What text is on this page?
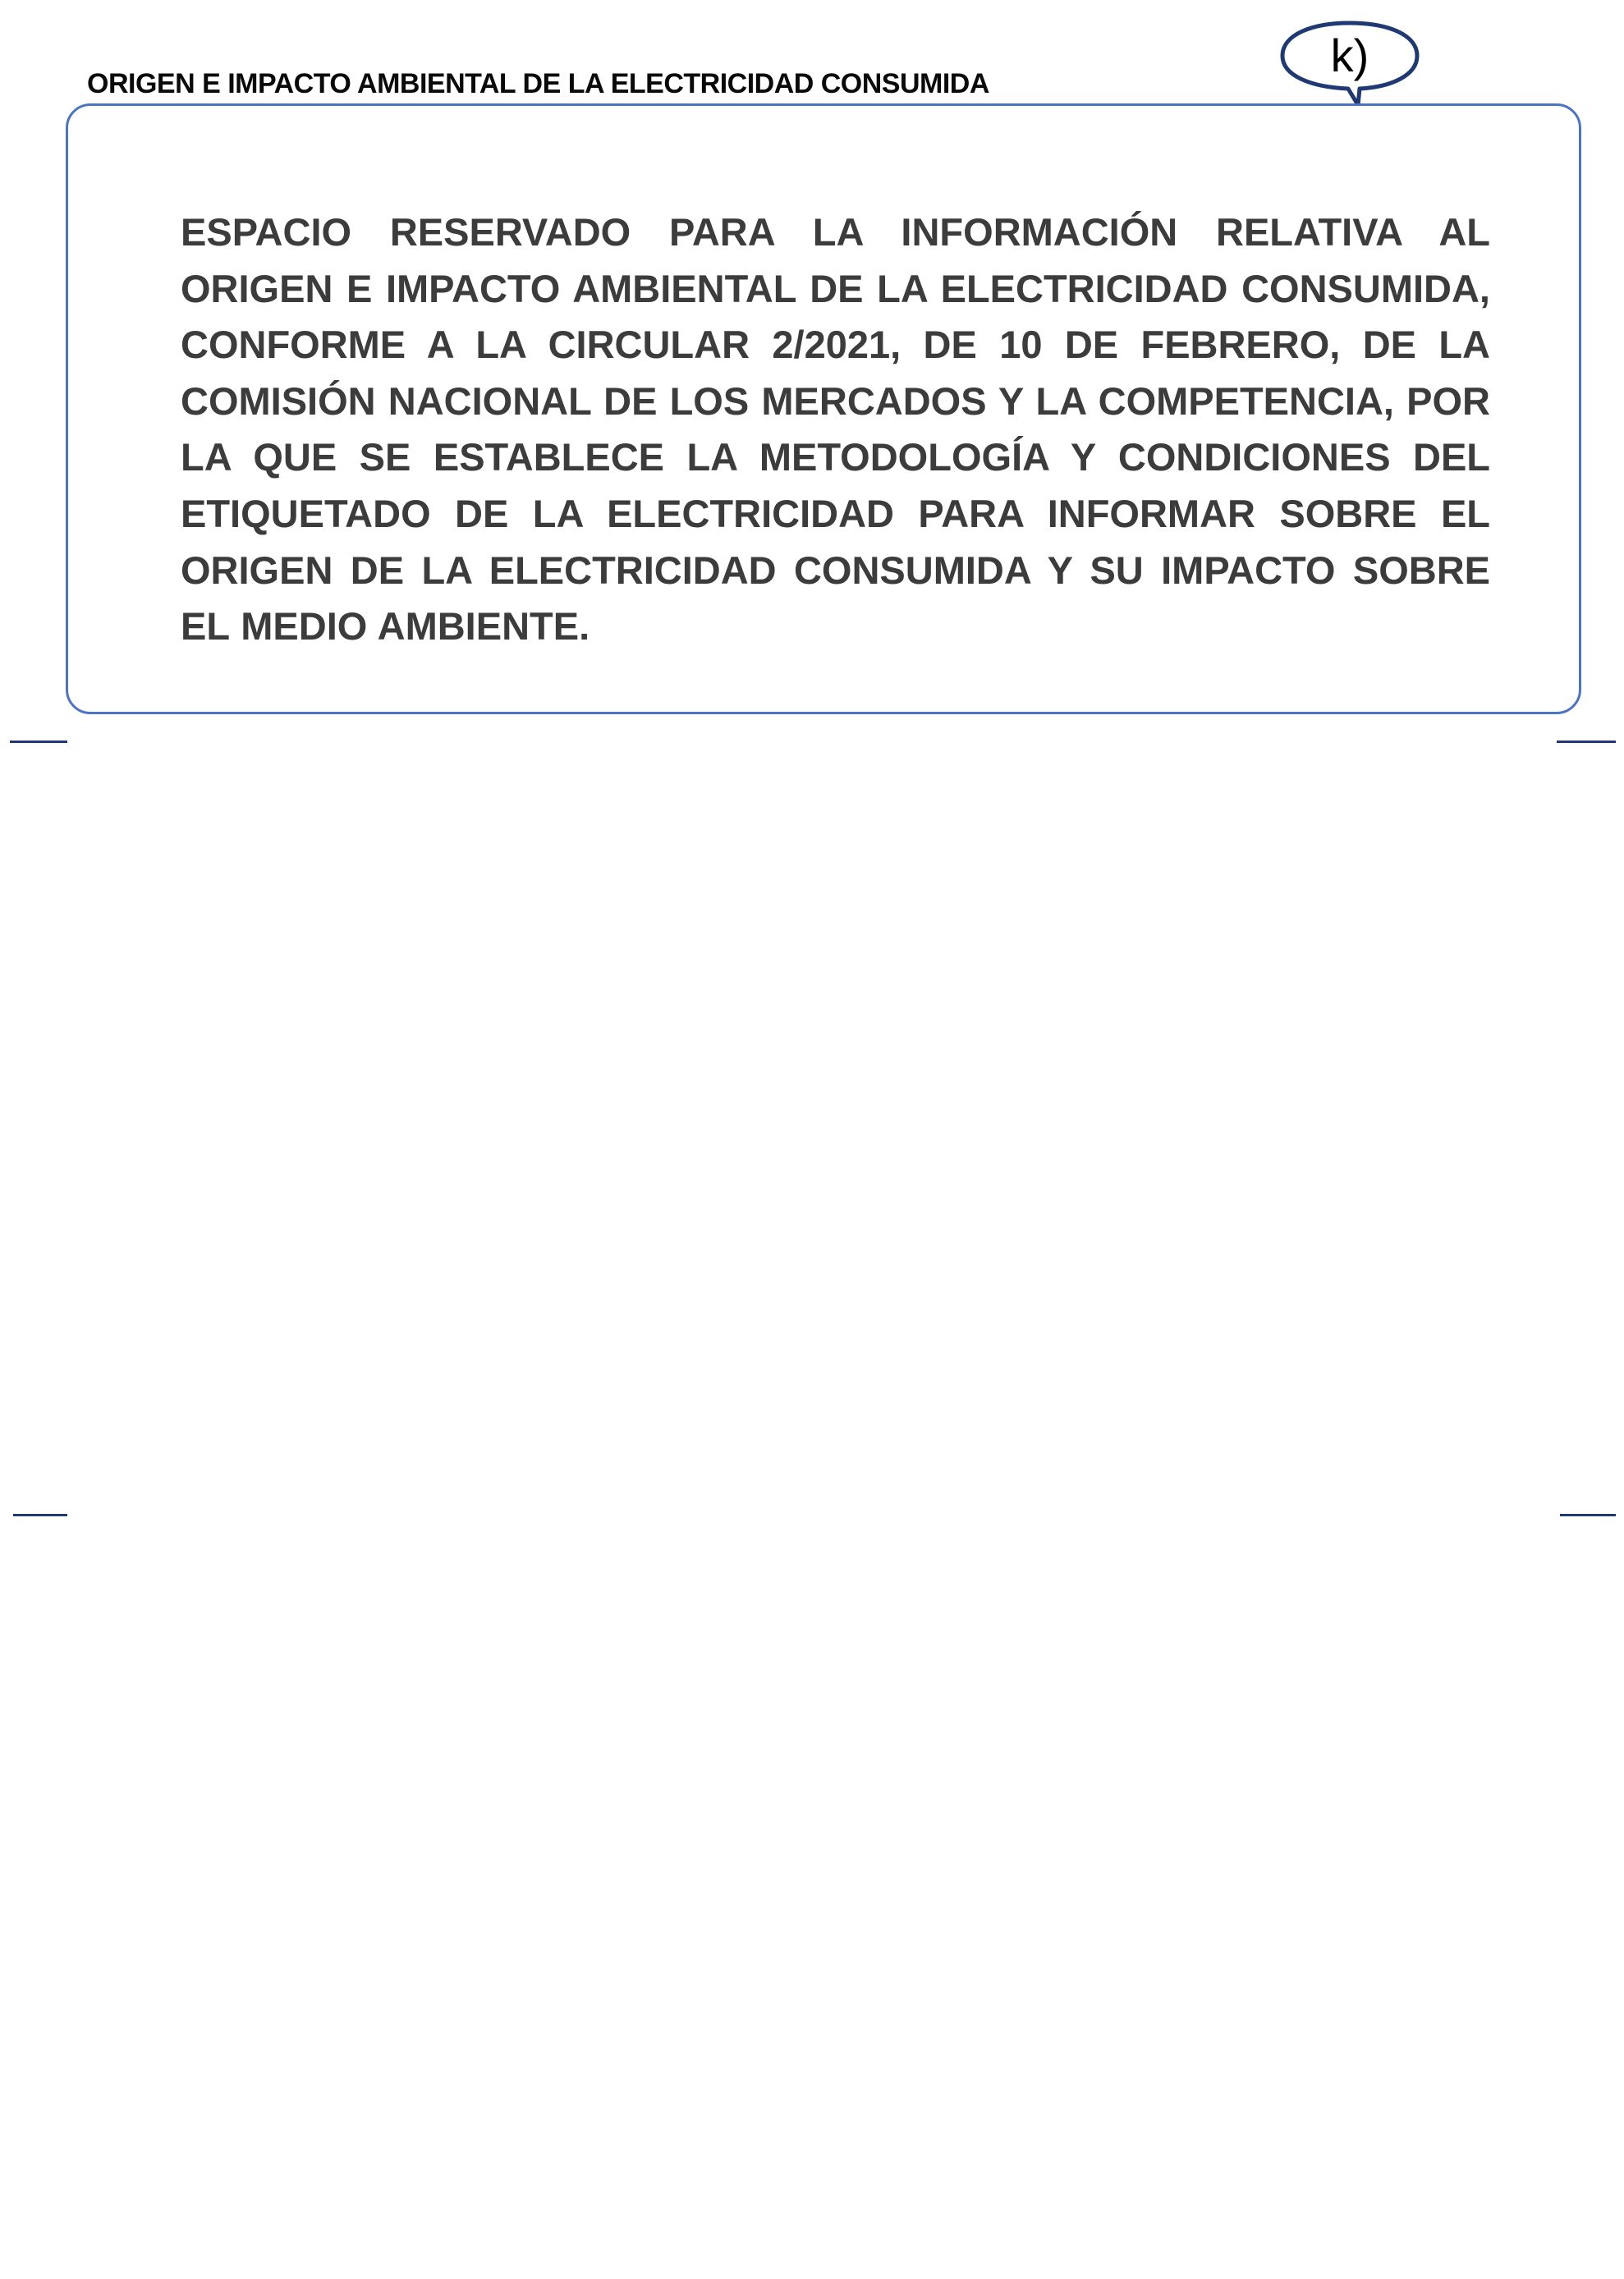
ORIGEN E IMPACTO AMBIENTAL DE LA ELECTRICIDAD CONSUMIDA
k)

ESPACIO RESERVADO PARA LA INFORMACIÓN RELATIVA AL ORIGEN E IMPACTO AMBIENTAL DE LA ELECTRICIDAD CONSUMIDA, CONFORME A LA CIRCULAR 2/2021, DE 10 DE FEBRERO, DE LA COMISIÓN NACIONAL DE LOS MERCADOS Y LA COMPETENCIA, POR LA QUE SE ESTABLECE LA METODOLOGÍA Y CONDICIONES DEL ETIQUETADO DE LA ELECTRICIDAD PARA INFORMAR SOBRE EL ORIGEN DE LA ELECTRICIDAD CONSUMIDA Y SU IMPACTO SOBRE EL MEDIO AMBIENTE.
